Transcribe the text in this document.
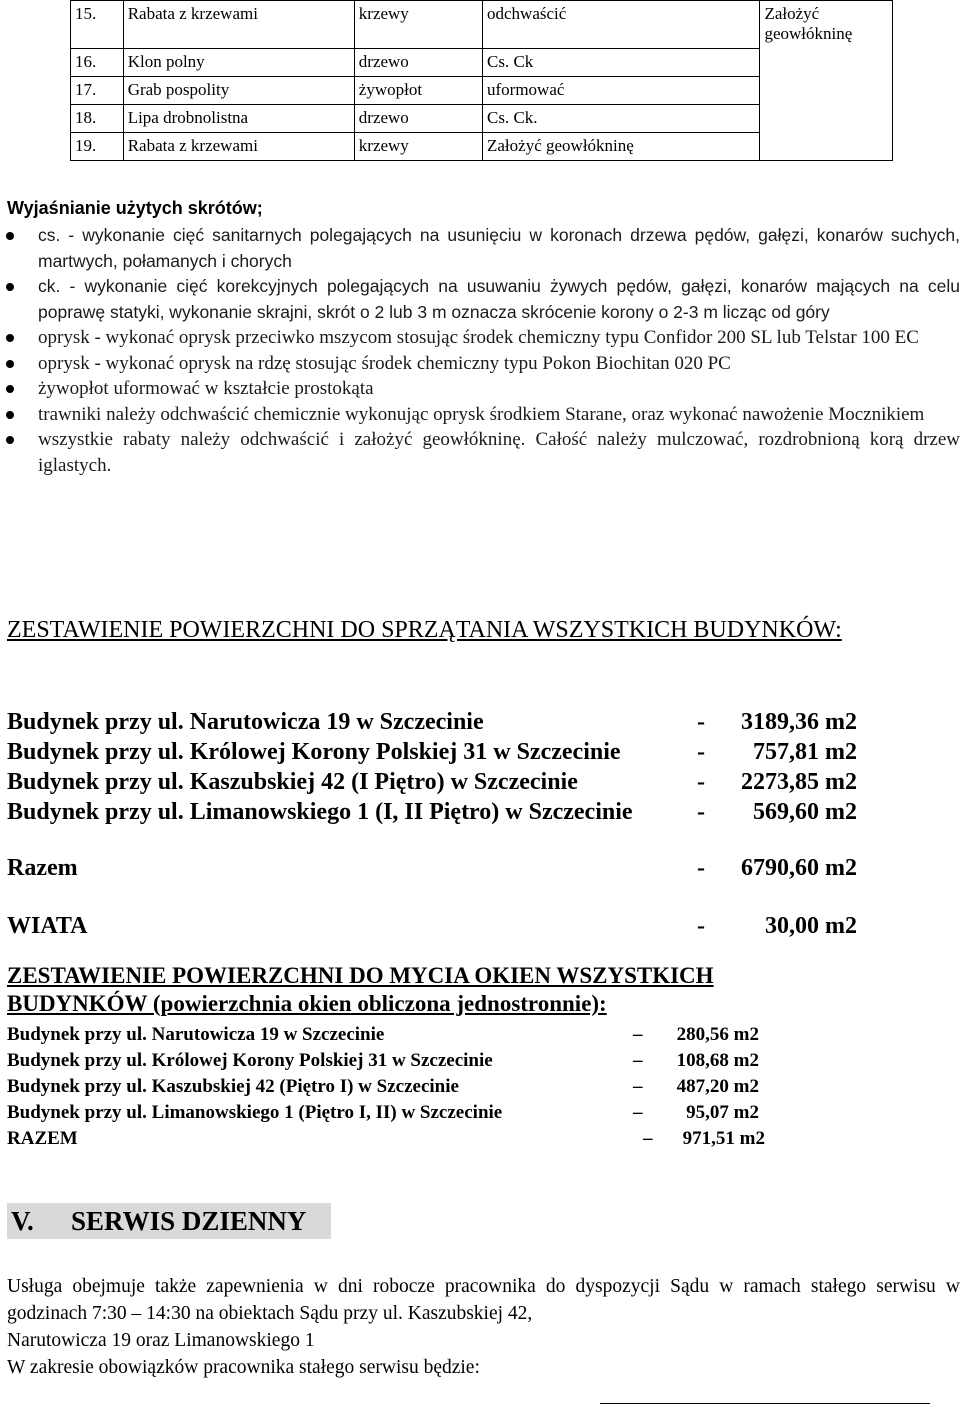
15.	Rabata z krzewami	krzewy	odchwaścić	Założyć geowłókninę
16.	Klon polny	drzewo	Cs. Ck	
17.	Grab pospolity	żywopłot	uformować	
18.	Lipa drobnolistna	drzewo	Cs. Ck.	
19.	Rabata z krzewami	krzewy	Założyć geowłókninę	
Wyjaśnianie użytych skrótów;
cs. - wykonanie cięć sanitarnych polegających na usunięciu w koronach drzewa pędów, gałęzi, konarów suchych, martwych, połamanych i chorych
ck. - wykonanie cięć korekcyjnych polegających na usuwaniu żywych pędów, gałęzi, konarów mających na celu poprawę statyki, wykonanie skrajni, skrót o 2 lub 3 m oznacza skrócenie korony o 2-3 m licząc od góry
oprysk - wykonać oprysk przeciwko mszycom stosując środek chemiczny typu Confidor 200 SL lub Telstar 100 EC
oprysk - wykonać oprysk na rdzę stosując środek chemiczny typu Pokon Biochitan 020 PC
żywopłot uformować w kształcie prostokąta
trawniki należy odchwaścić chemicznie wykonując oprysk środkiem Starane, oraz wykonać nawożenie Mocznikiem
wszystkie rabaty należy odchwaścić i założyć geowłókninę. Całość należy mulczować, rozdrobnioną korą drzew iglastych.
ZESTAWIENIE POWIERZCHNI DO SPRZĄTANIA WSZYSTKICH BUDYNKÓW:
Budynek przy ul. Narutowicza 19 w Szczecinie	- 3189,36 m2
Budynek przy ul. Królowej Korony Polskiej 31 w Szczecinie	- 757,81 m2
Budynek przy ul. Kaszubskiej 42 (I Piętro) w Szczecinie	- 2273,85 m2
Budynek przy ul. Limanowskiego 1 (I, II Piętro) w Szczecinie	- 569,60 m2
Razem	- 6790,60 m2
WIATA	-	30,00 m2
ZESTAWIENIE POWIERZCHNI DO MYCIA OKIEN WSZYSTKICH BUDYNKÓW (powierzchnia okien obliczona jednostronnie):
Budynek przy ul. Narutowicza 19 w Szczecinie	– 280,56 m2
Budynek przy ul. Królowej Korony Polskiej 31 w Szczecinie	– 108,68 m2
Budynek przy ul. Kaszubskiej 42 (Piętro I) w Szczecinie	– 487,20 m2
Budynek przy ul. Limanowskiego 1 (Piętro I, II) w Szczecinie	– 95,07 m2
RAZEM	– 971,51 m2
V. SERWIS DZIENNY
Usługa obejmuje także zapewnienia w dni robocze pracownika do dyspozycji Sądu w ramach stałego serwisu w godzinach 7:30 – 14:30 na obiektach Sądu przy ul. Kaszubskiej 42,
Narutowicza 19 oraz Limanowskiego 1
W zakresie obowiązków pracownika stałego serwisu będzie:
